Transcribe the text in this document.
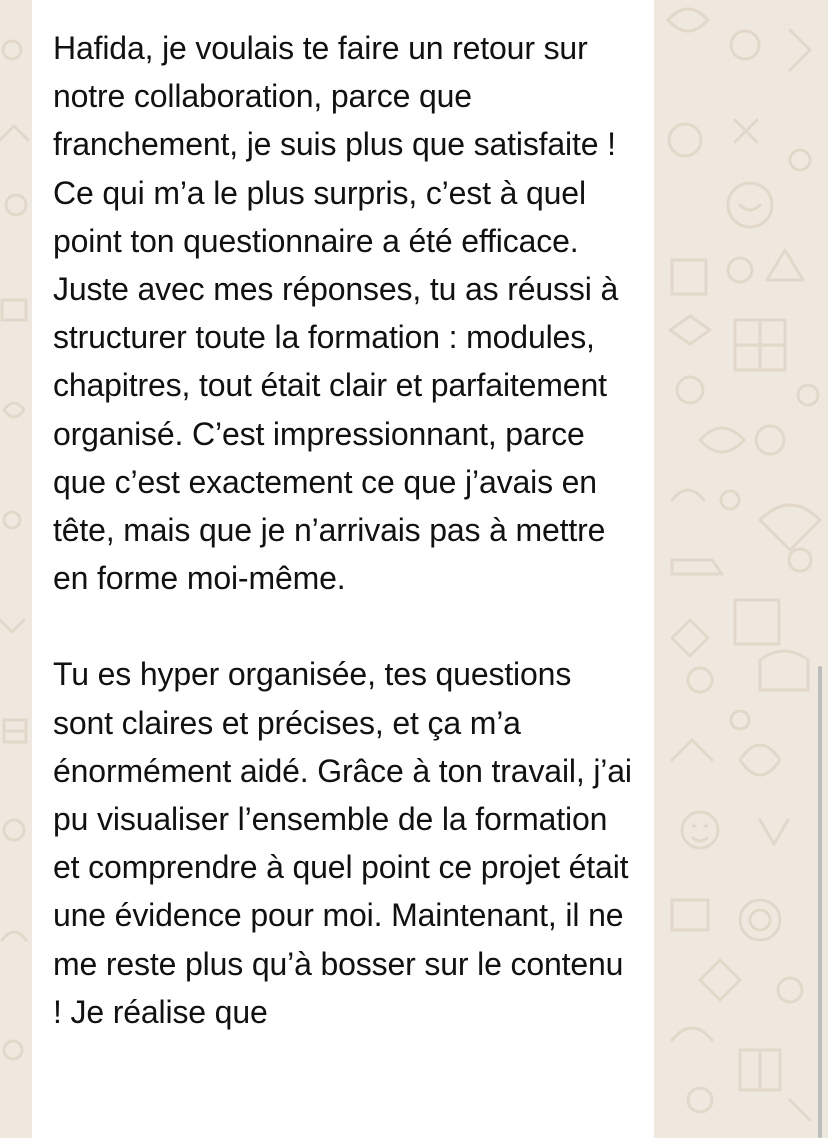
Hafida, je voulais te faire un retour sur notre collaboration, parce que franchement, je suis plus que satisfaite ! Ce qui m’a le plus surpris, c’est à quel point ton questionnaire a été efficace. Juste avec mes réponses, tu as réussi à structurer toute la formation : modules, chapitres, tout était clair et parfaitement organisé. C’est impressionnant, parce que c’est exactement ce que j’avais en tête, mais que je n’arrivais pas à mettre en forme moi-même.

Tu es hyper organisée, tes questions sont claires et précises, et ça m’a énormément aidé. Grâce à ton travail, j’ai pu visualiser l’ensemble de la formation et comprendre à quel point ce projet était une évidence pour moi. Maintenant, il ne me reste plus qu’à bosser sur le contenu ! Je réalise que
